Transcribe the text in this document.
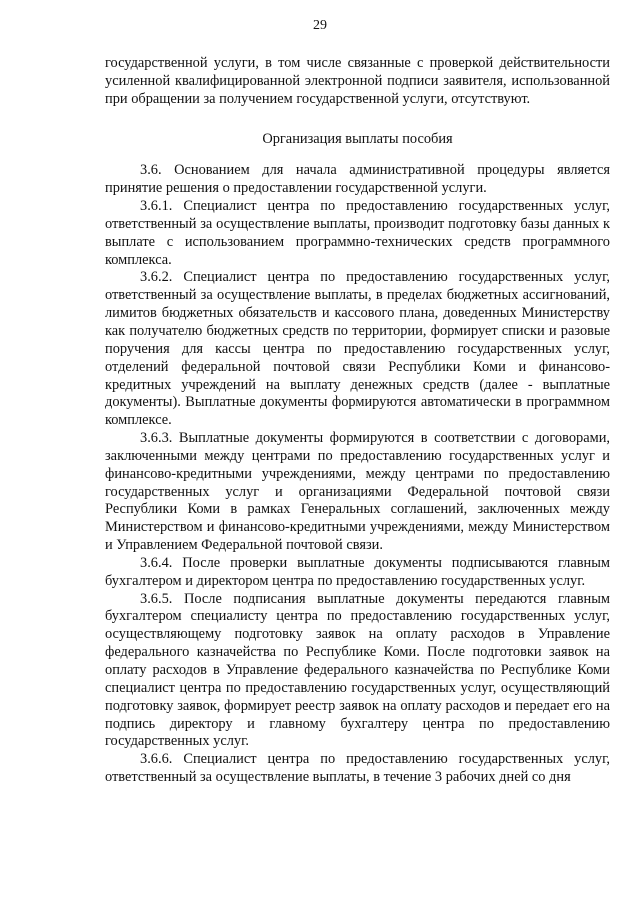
29

государственной услуги, в том числе связанные с проверкой действительности усиленной квалифицированной электронной подписи заявителя, использованной при обращении за получением государственной услуги, отсутствуют.

Организация выплаты пособия

3.6. Основанием для начала административной процедуры является принятие решения о предоставлении государственной услуги.

3.6.1. Специалист центра по предоставлению государственных услуг, ответственный за осуществление выплаты, производит подготовку базы данных к выплате с использованием программно-технических средств программного комплекса.

3.6.2. Специалист центра по предоставлению государственных услуг, ответственный за осуществление выплаты, в пределах бюджетных ассигнований, лимитов бюджетных обязательств и кассового плана, доведенных Министерству как получателю бюджетных средств по территории, формирует списки и разовые поручения для кассы центра по предоставлению государственных услуг, отделений федеральной почтовой связи Республики Коми и финансово-кредитных учреждений на выплату денежных средств (далее - выплатные документы). Выплатные документы формируются автоматически в программном комплексе.

3.6.3. Выплатные документы формируются в соответствии с договорами, заключенными между центрами по предоставлению государственных услуг и финансово-кредитными учреждениями, между центрами по предоставлению государственных услуг и организациями Федеральной почтовой связи Республики Коми в рамках Генеральных соглашений, заключенных между Министерством и финансово-кредитными учреждениями, между Министерством и Управлением Федеральной почтовой связи.

3.6.4. После проверки выплатные документы подписываются главным бухгалтером и директором центра по предоставлению государственных услуг.

3.6.5. После подписания выплатные документы передаются главным бухгалтером специалисту центра по предоставлению государственных услуг, осуществляющему подготовку заявок на оплату расходов в Управление федерального казначейства по Республике Коми. После подготовки заявок на оплату расходов в Управление федерального казначейства по Республике Коми специалист центра по предоставлению государственных услуг, осуществляющий подготовку заявок, формирует реестр заявок на оплату расходов и передает его на подпись директору и главному бухгалтеру центра по предоставлению государственных услуг.

3.6.6. Специалист центра по предоставлению государственных услуг, ответственный за осуществление выплаты, в течение 3 рабочих дней со дня
